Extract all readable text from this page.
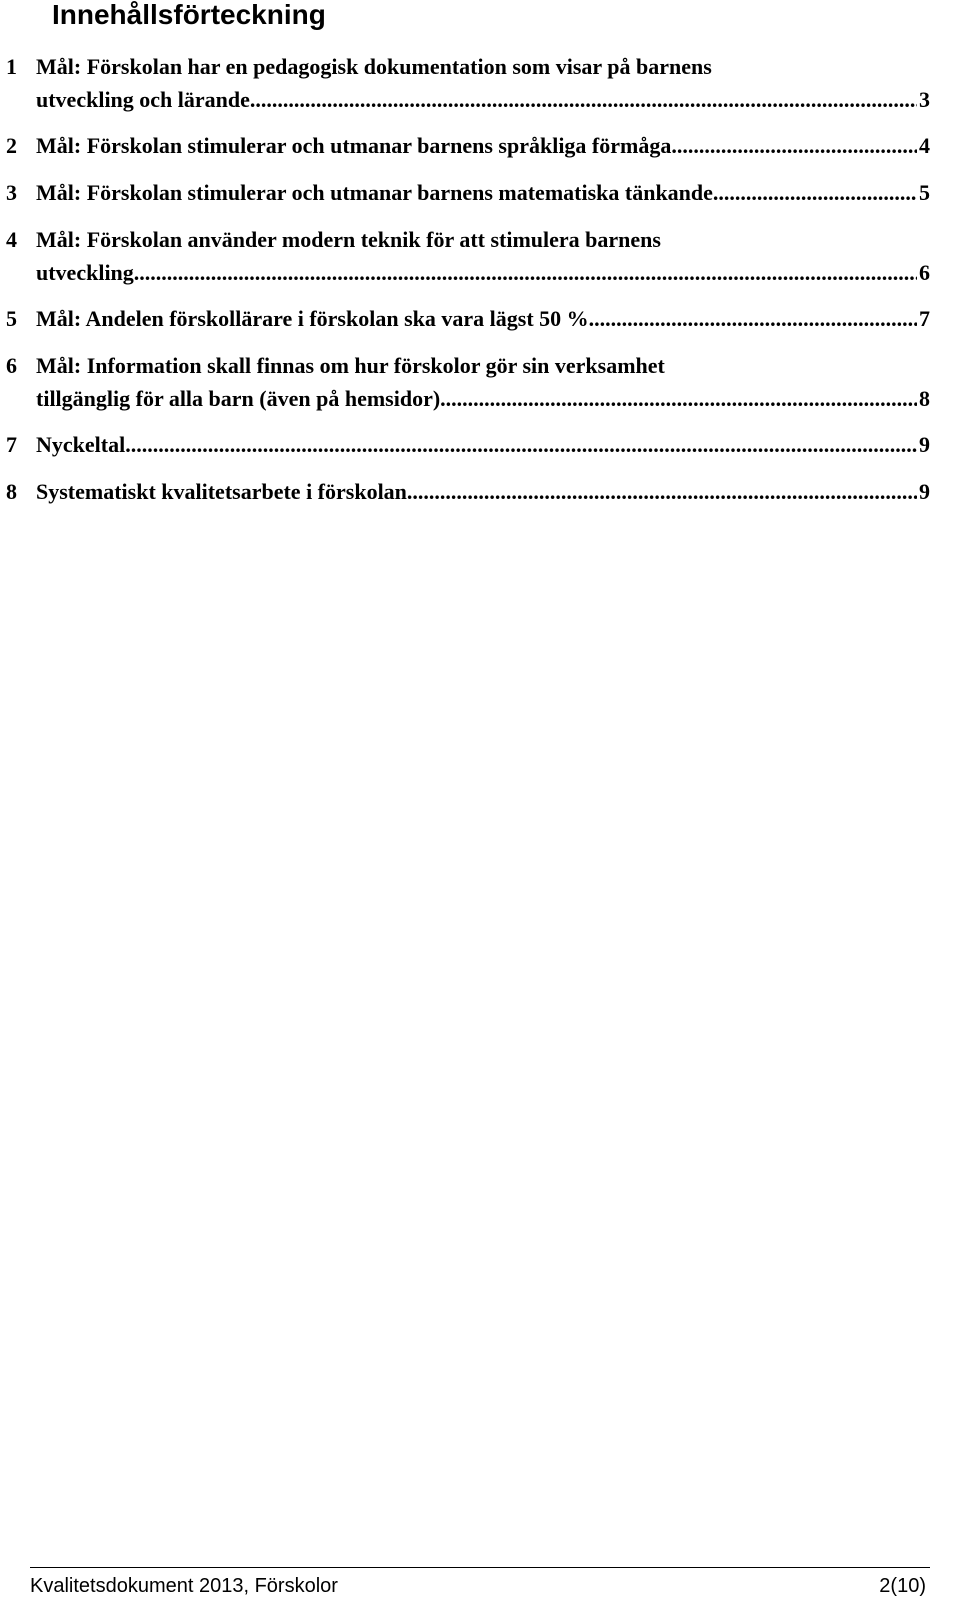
Innehållsförteckning
1 Mål: Förskolan har en pedagogisk dokumentation som visar på barnens
utveckling och lärande .....	3
2 Mål: Förskolan stimulerar och utmanar barnens språkliga förmåga .....	4
3 Mål: Förskolan stimulerar och utmanar barnens matematiska tänkande .....	5
4 Mål: Förskolan använder modern teknik för att stimulera barnens
utveckling .....	6
5 Mål: Andelen förskollärare i förskolan ska vara lägst 50 % .....	7
6 Mål: Information skall finnas om hur förskolor gör sin verksamhet
tillgänglig för alla barn (även på hemsidor). .....	8
7 Nyckeltal .....	9
8 Systematiskt kvalitetsarbete i förskolan .....	9
Kvalitetsdokument 2013, Förskolor	2(10)
